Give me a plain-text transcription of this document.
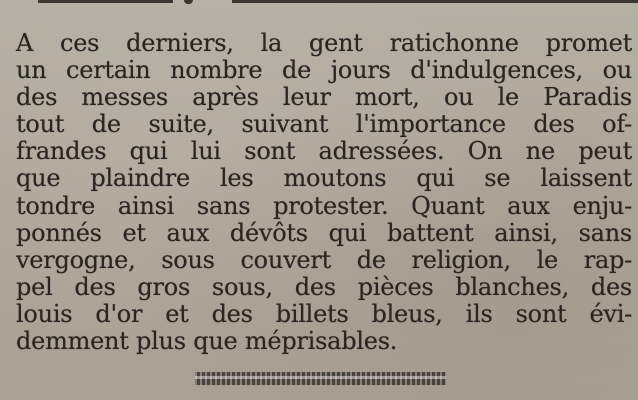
A ces derniers, la gent ratichonne promet
un certain nombre de jours d'indulgences, ou
des messes après leur mort, ou le Paradis
tout de suite, suivant l'importance des of-
frandes qui lui sont adressées. On ne peut
que plaindre les moutons qui se laissent
tondre ainsi sans protester. Quant aux enju-
ponnés et aux dévôts qui battent ainsi, sans
vergogne, sous couvert de religion, le rap-
pel des gros sous, des pièces blanches, des
louis d'or et des billets bleus, ils sont évi-
demment plus que méprisables.
